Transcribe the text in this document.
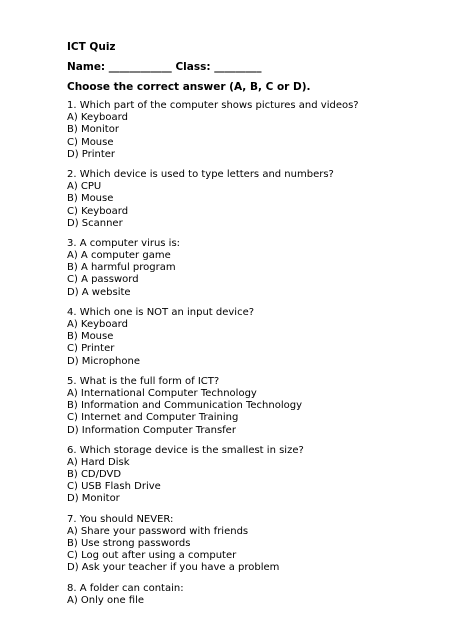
ICT Quiz
Name: ____________ Class: _________
Choose the correct answer (A, B, C or D).
1. Which part of the computer shows pictures and videos?
A) Keyboard
B) Monitor
C) Mouse
D) Printer
2. Which device is used to type letters and numbers?
A) CPU
B) Mouse
C) Keyboard
D) Scanner
3. A computer virus is:
A) A computer game
B) A harmful program
C) A password
D) A website
4. Which one is NOT an input device?
A) Keyboard
B) Mouse
C) Printer
D) Microphone
5. What is the full form of ICT?
A) International Computer Technology
B) Information and Communication Technology
C) Internet and Computer Training
D) Information Computer Transfer
6. Which storage device is the smallest in size?
A) Hard Disk
B) CD/DVD
C) USB Flash Drive
D) Monitor
7. You should NEVER:
A) Share your password with friends
B) Use strong passwords
C) Log out after using a computer
D) Ask your teacher if you have a problem
8. A folder can contain:
A) Only one file
